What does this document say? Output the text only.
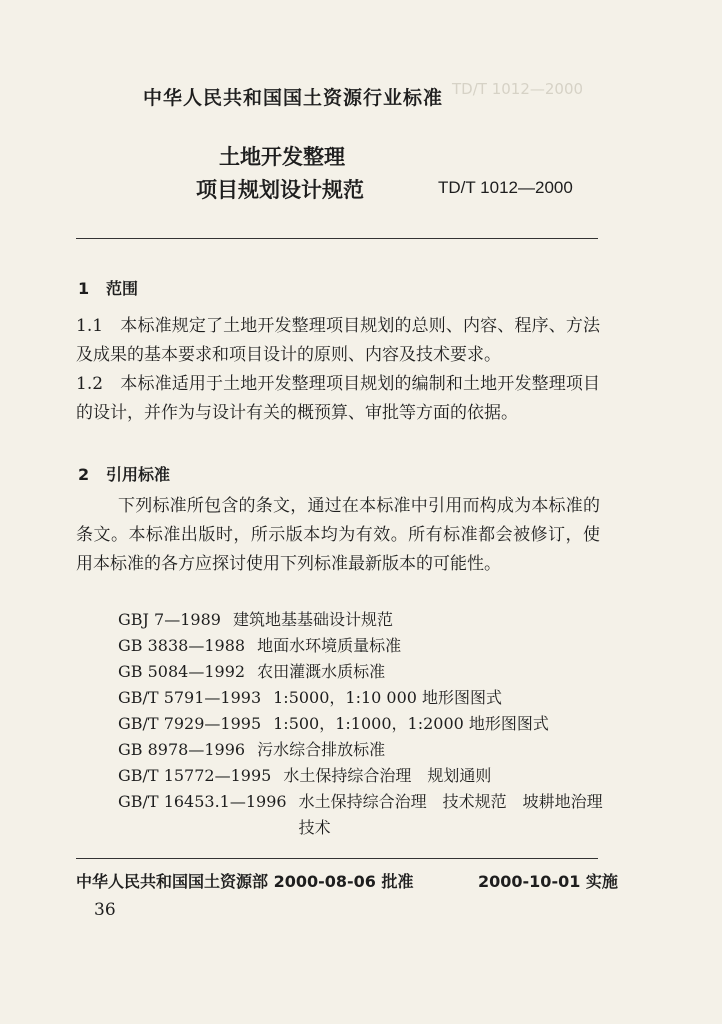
TD/T 1012—2000
中华人民共和国国土资源行业标准
土地开发整理
项目规划设计规范	TD/T 1012—2000
1 范围
1.1　本标准规定了土地开发整理项目规划的总则、内容、程序、方法及成果的基本要求和项目设计的原则、内容及技术要求。
1.2　本标准适用于土地开发整理项目规划的编制和土地开发整理项目的设计，并作为与设计有关的概预算、审批等方面的依据。
2 引用标准
下列标准所包含的条文，通过在本标准中引用而构成为本标准的条文。本标准出版时，所示版本均为有效。所有标准都会被修订，使用本标准的各方应探讨使用下列标准最新版本的可能性。
GBJ 7—1989 建筑地基基础设计规范
GB 3838—1988 地面水环境质量标准
GB 5084—1992 农田灌溉水质标准
GB/T 5791—1993 1:5000，1:10 000 地形图图式
GB/T 7929—1995 1:500，1:1000，1:2000 地形图图式
GB 8978—1996 污水综合排放标准
GB/T 15772—1995 水土保持综合治理　规划通则
GB/T 16453.1—1996 水土保持综合治理　技术规范　坡耕地治理技术
中华人民共和国国土资源部 2000-08-06 批准	2000-10-01 实施
36
